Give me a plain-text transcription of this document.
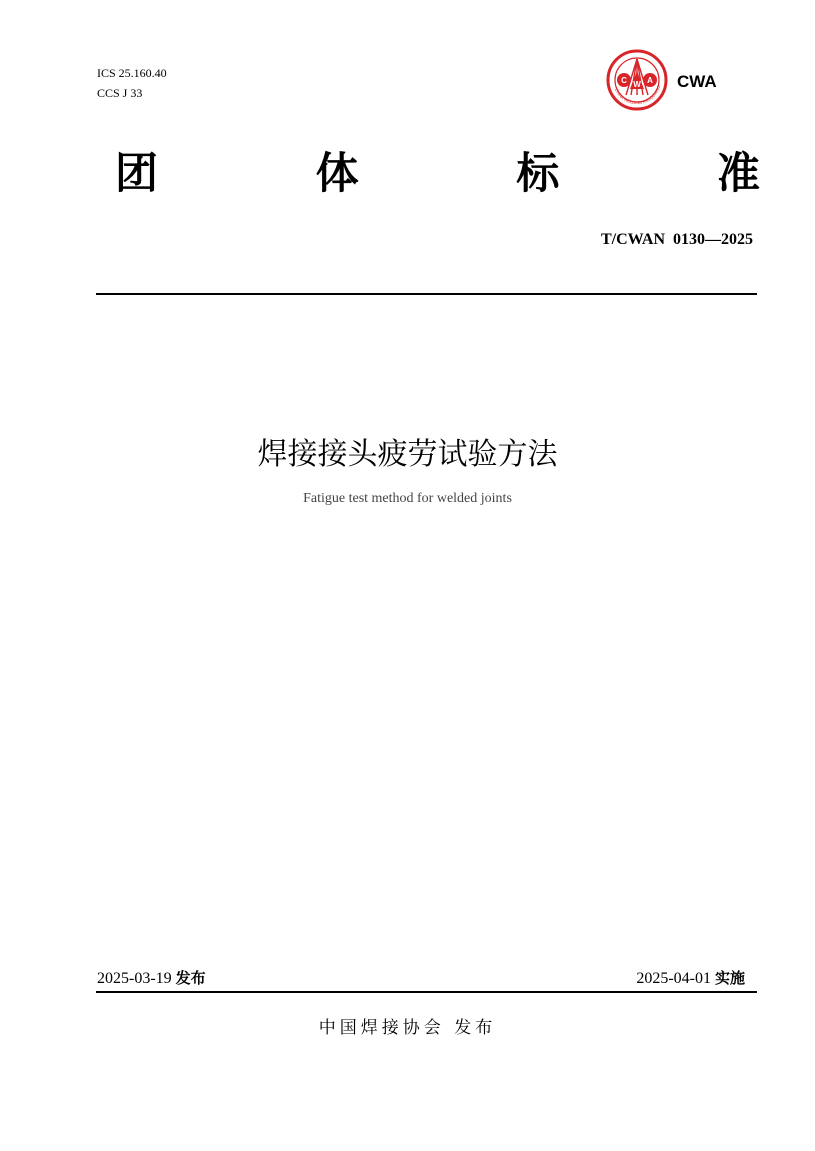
ICS 25.160.40
CCS J 33
C W A
CHINA WELDING ASSOCIATIO CWA
团	体	标	准
T/CWAN  0130—2025
焊接接头疲劳试验方法
Fatigue test method for welded joints
2025-03-19 发布	2025-04-01 实施
中国焊接协会 发布
